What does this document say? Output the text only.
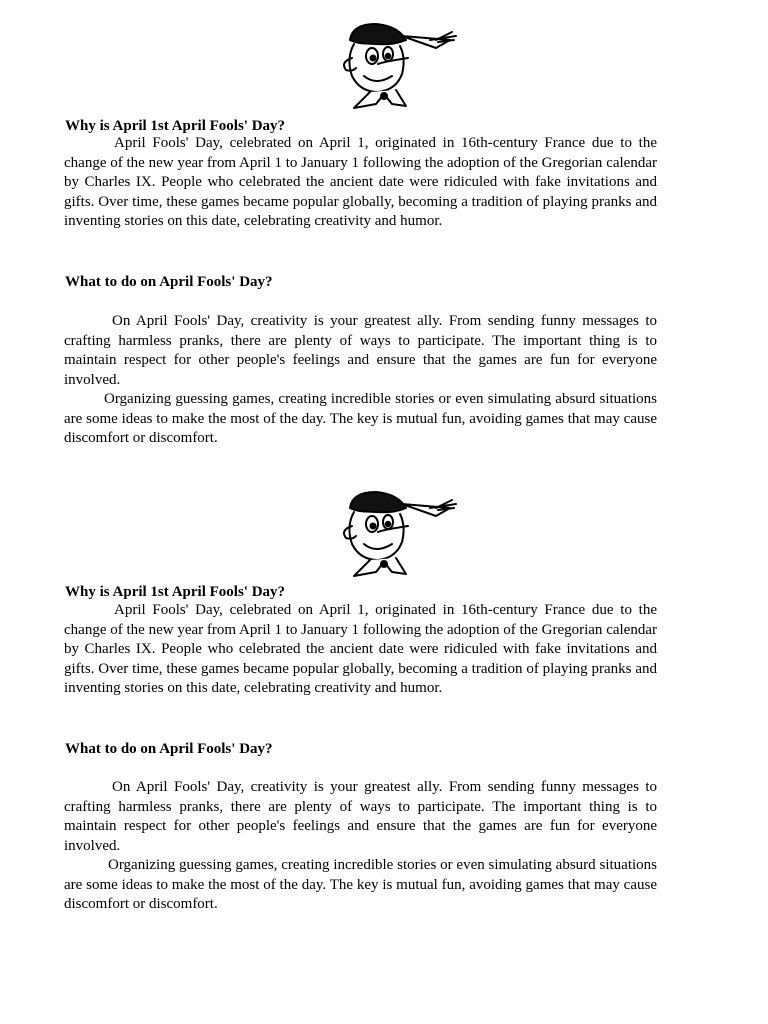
Why is April 1st April Fools' Day?

April Fools' Day, celebrated on April 1, originated in 16th-century France due to the change of the new year from April 1 to January 1 following the adoption of the Gregorian calendar by Charles IX. People who celebrated the ancient date were ridiculed with fake invitations and gifts. Over time, these games became popular globally, becoming a tradition of playing pranks and inventing stories on this date, celebrating creativity and humor.

What to do on April Fools' Day?

On April Fools' Day, creativity is your greatest ally. From sending funny messages to crafting harmless pranks, there are plenty of ways to participate. The important thing is to maintain respect for other people's feelings and ensure that the games are fun for everyone involved.

Organizing guessing games, creating incredible stories or even simulating absurd situations are some ideas to make the most of the day. The key is mutual fun, avoiding games that may cause discomfort or discomfort.

Why is April 1st April Fools' Day?

April Fools' Day, celebrated on April 1, originated in 16th-century France due to the change of the new year from April 1 to January 1 following the adoption of the Gregorian calendar by Charles IX. People who celebrated the ancient date were ridiculed with fake invitations and gifts. Over time, these games became popular globally, becoming a tradition of playing pranks and inventing stories on this date, celebrating creativity and humor.

What to do on April Fools' Day?

On April Fools' Day, creativity is your greatest ally. From sending funny messages to crafting harmless pranks, there are plenty of ways to participate. The important thing is to maintain respect for other people's feelings and ensure that the games are fun for everyone involved.

Organizing guessing games, creating incredible stories or even simulating absurd situations are some ideas to make the most of the day. The key is mutual fun, avoiding games that may cause discomfort or discomfort.
